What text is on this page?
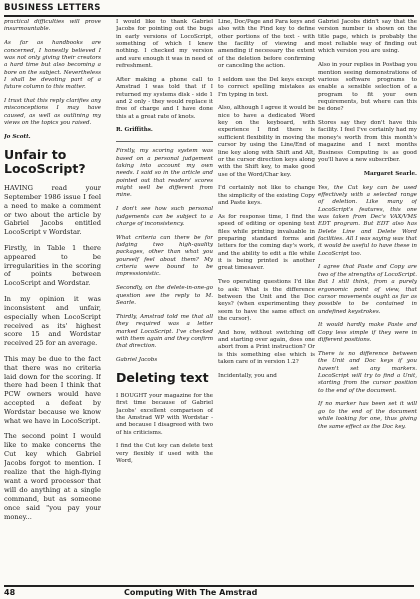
BUSINESS LETTERS

practical difficulties will prove insurmountable.

As far as handbooks are concerned, I honestly believed I was not only giving their creators a hard time but also becoming a bore on the subject. Nevertheless I shall be devoting part of a future column to this matter.

I trust that this reply clarifies any misconceptions I may have caused, as well as outlining my views on the topics you raised.

Jo Scott.

Unfair to LocoScript?

HAVING read your September 1986 issue I feel a need to make a comment or two about the article by Gabriel Jacobs entitled LocoScript v Wordstar.

Firstly, in Table 1 there appeared to be irregularities in the scoring of points between LocoScript and Wordstar.

In my opinion it was inconsistent and unfair, especially when LocoScript received as its' highest score 15 and Wordstar received 25 for an average.

This may be due to the fact that there was no criteria laid down for the scoring. If there had been I think that PCW owners would have accepted a defeat by Wordstar because we know what we have in LocoScript.

The second point I would like to make concerns the Cut key which Gabriel Jacobs forgot to mention. I realize that the high-flying want a word processor that will do anything at a single command, but as someone once said "you pay your money...

I would like to thank Gabriel Jacobs for pointing out the bugs in early versions of LocoScript, something of which I knew nothing. I checked my version and sure enough it was in need of refreshment.

After making a phone call to Amstrad I was told that if I returned my systems disk - side 1 and 2 only - they would replace it free of charge and I have done this at a great rate of knots.

R. Griffiths.

Firstly, my scoring system was based on a personal judgement taking into account my own needs. I said so in the article and pointed out that readers' scores might well be different from mine.

I don't see how such personal judgements can be subject to a charge of inconsistency.

What criteria can there be for judging two high-quality packages, other than what you yourself feel about them? My criteria were bound to be impressionistic.

Secondly, on the delete-in-one-go question see the reply to M. Searle.

Thirdly, Amstrad told me that all they required was a letter marked LocoScript. I've checked with them again and they confirm that direction.

Gabriel Jacobs

Deleting text

I BOUGHT your magazine for the first time because of Gabriel Jacobs' excellent comparison of the Amstrad WP with Wordstar - and because I disagreed with two of his criticisms.

I find the Cut key can delete text very flexibly if used with the Word,

Line, Doc/Page and Para keys and also with the Find key to define other portions of the text - with the facility of viewing and amending if necessary the extent of the deletion before confirming or canceling the action.

I seldom use the Del keys except to correct spelling mistakes as I'm typing in text.

Also, although I agree it would be nice to have a dedicated Word key on the keyboard, with experience I find there is sufficient flexibility in moving the cursor by using the Line/End of line key along with Shift and Alt, or the cursor direction keys along with the Shift key, to make good use of the Word/Char key.

I'd certainly not like to change the simplicity of the existing Copy and Paste keys.

As for response time, I find the speed of editing or opening text files while printing invaluable in preparing standard forms and letters for the coming day's work, and the ability to edit a file while it is being printed is another great timesaver.

Two operating questions I'd like to ask: What is the difference between the Unit and the Doc keys? (when experimenting they seem to have the same effect on the cursor).

And how, without switching off and starting over again, does one abort from a Print instruction? Or is this something else which is taken care of in version 1.2?

Incidentally, you and

Gabriel Jacobs didn't say that the version number is shown on the title page, which is probably the most reliable way of finding out which version you are using.

Also in your replies in Postbag you mention seeing demonstrations of various software programs to enable a sensible selection of a program to fit your own requirements, but where can this be done?

Stores say they don't have this facility. I feel I've certainly had my money's worth from this month's magazine and I next months Business Computing is as good you'll have a new subscriber.

Margaret Searle.

Yes, the Cut key can be used effectively with a selected range of deletion. Like many of LocoScript's features, this one was taken from Dec's VAX/VMS EDT program. But EDT also has Delete Line and Delete Word facilities. All I was saying was that it would be useful to have these in LocoScript too.

I agree that Paste and Copy are two of the strengths of LocoScript. But I still think, from a purely ergonomic point of view, that cursor movements ought as far as possible to be contained in undefined keystrokes.

It would hardly make Paste and Copy less simple if they were in different positions.

There is no difference between the Unit and Doc keys if you haven't set any markers. LocoScript will try to find a Unit, starting from the cursor position to the end of the document.

If no marker has been set it will go to the end of the document while looking for one, thus giving the same effect as the Doc key.

48	Computing With The Amstrad
